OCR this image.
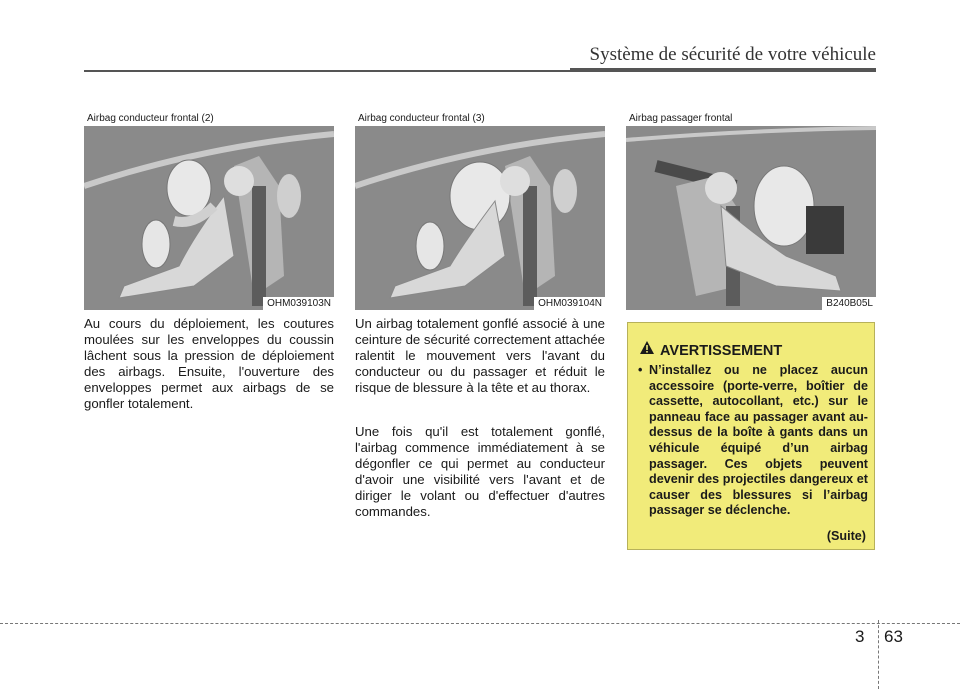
Système de sécurité de votre véhicule
Airbag conducteur frontal (2)
OHM039103N
Airbag conducteur frontal (3)
OHM039104N
Airbag passager frontal
B240B05L

Au cours du déploiement, les coutures moulées sur les enveloppes du coussin lâchent sous la pression de déploiement des airbags. Ensuite, l'ouverture des enveloppes permet aux airbags de se gonfler totalement.

Un airbag totalement gonflé associé à une ceinture de sécurité correctement attachée ralentit le mouvement vers l'avant du conducteur ou du passager et réduit le risque de blessure à la tête et au thorax.

Une fois qu'il est totalement gonflé, l'airbag commence immédiatement à se dégonfler ce qui permet au conducteur d'avoir une visibilité vers l'avant et de diriger le volant ou d'effectuer d'autres commandes.

AVERTISSEMENT
• N’installez ou ne placez aucun accessoire (porte-verre, boîtier de cassette, autocollant, etc.) sur le panneau face au passager avant au-dessus de la boîte à gants dans un véhicule équipé d’un airbag passager. Ces objets peuvent devenir des projectiles dangereux et causer des blessures si l’airbag passager se déclenche.
(Suite)
3 63
